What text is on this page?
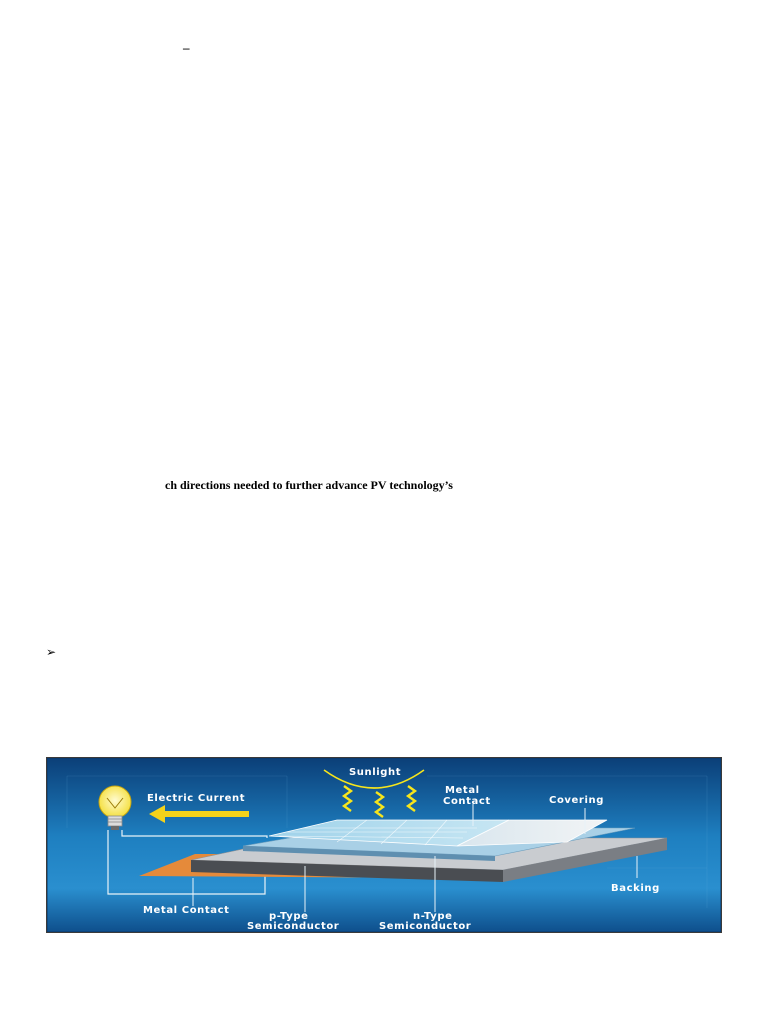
–
ch directions needed to further advance PV technology’s
➢
Sunlight
Electric Current
Metal
Contact	Covering
Backing
Metal Contact
p-Type
Semiconductor
n-Type
Semiconductor
